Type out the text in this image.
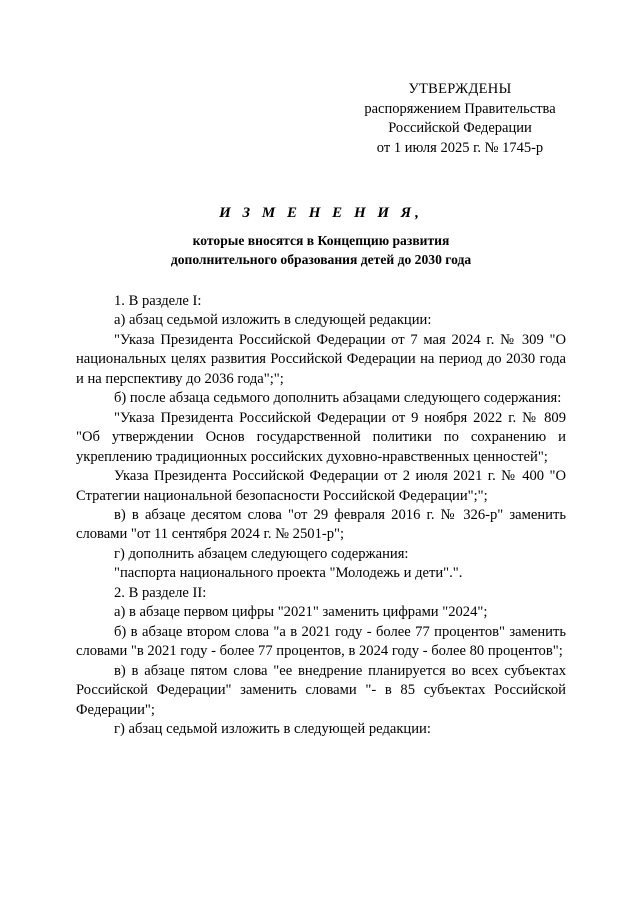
УТВЕРЖДЕНЫ
распоряжением Правительства
Российской Федерации
от 1 июля 2025 г. № 1745-р
И З М Е Н Е Н И Я,
которые вносятся в Концепцию развития
дополнительного образования детей до 2030 года

1. В разделе I:

а) абзац седьмой изложить в следующей редакции:

"Указа Президента Российской Федерации от 7 мая 2024 г. № 309 "О национальных целях развития Российской Федерации на период до 2030 года и на перспективу до 2036 года";";

б) после абзаца седьмого дополнить абзацами следующего содержания:

"Указа Президента Российской Федерации от 9 ноября 2022 г. № 809 "Об утверждении Основ государственной политики по сохранению и укреплению традиционных российских духовно-нравственных ценностей";

Указа Президента Российской Федерации от 2 июля 2021 г. № 400 "О Стратегии национальной безопасности Российской Федерации";";

в) в абзаце десятом слова "от 29 февраля 2016 г. № 326-р" заменить словами "от 11 сентября 2024 г. № 2501-р";

г) дополнить абзацем следующего содержания:

"паспорта национального проекта "Молодежь и дети".".

2. В разделе II:

а) в абзаце первом цифры "2021" заменить цифрами "2024";

б) в абзаце втором слова "а в 2021 году - более 77 процентов" заменить словами "в 2021 году - более 77 процентов, в 2024 году - более 80 процентов";

в) в абзаце пятом слова "ее внедрение планируется во всех субъектах Российской Федерации" заменить словами "- в 85 субъектах Российской Федерации";

г) абзац седьмой изложить в следующей редакции:
